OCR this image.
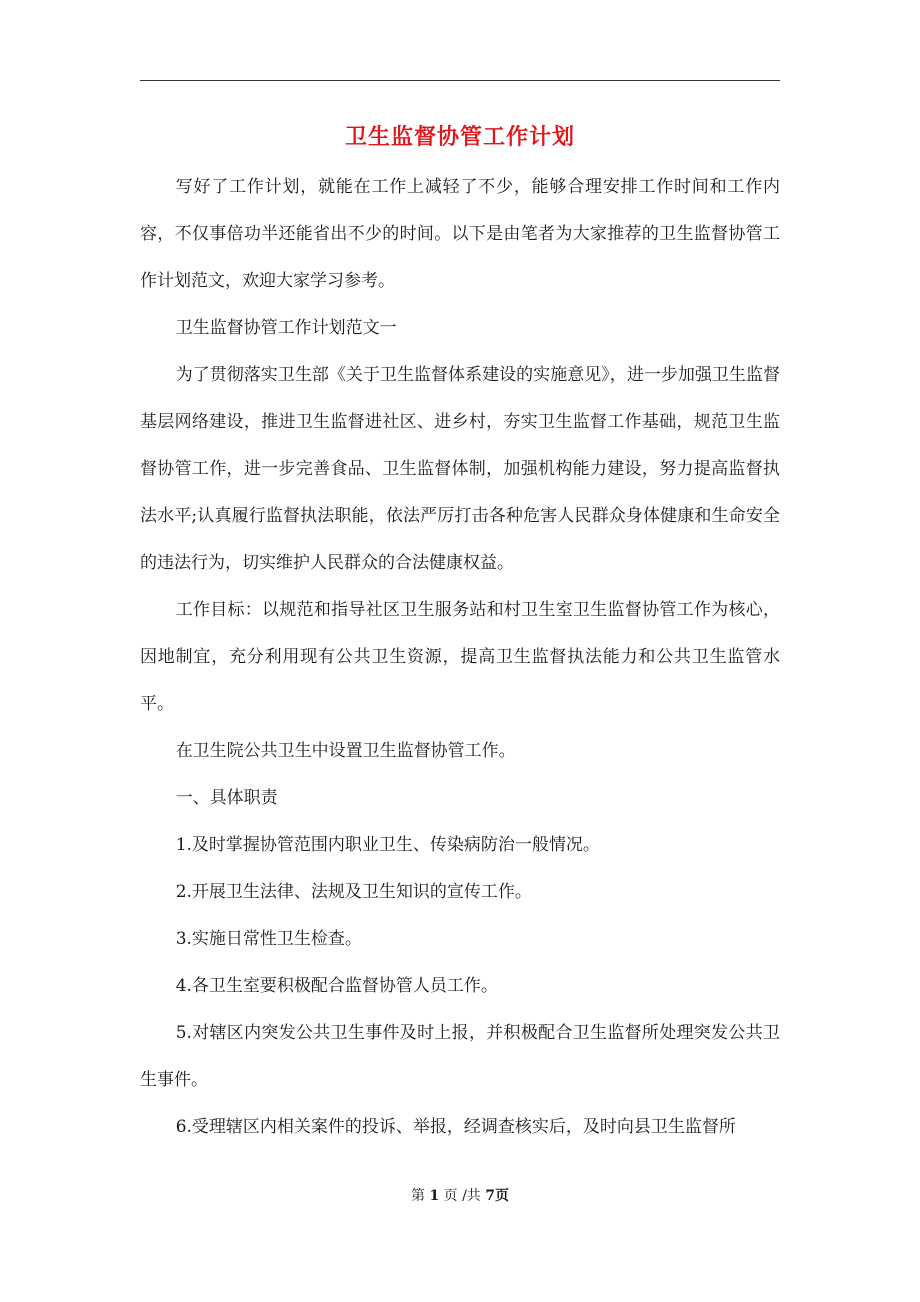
卫生监督协管工作计划

写好了工作计划，就能在工作上减轻了不少，能够合理安排工作时间和工作内容，不仅事倍功半还能省出不少的时间。以下是由笔者为大家推荐的卫生监督协管工作计划范文，欢迎大家学习参考。

卫生监督协管工作计划范文一

为了贯彻落实卫生部《关于卫生监督体系建设的实施意见》，进一步加强卫生监督基层网络建设，推进卫生监督进社区、进乡村，夯实卫生监督工作基础，规范卫生监督协管工作，进一步完善食品、卫生监督体制，加强机构能力建设，努力提高监督执法水平;认真履行监督执法职能，依法严厉打击各种危害人民群众身体健康和生命安全的违法行为，切实维护人民群众的合法健康权益。

工作目标：以规范和指导社区卫生服务站和村卫生室卫生监督协管工作为核心，因地制宜，充分利用现有公共卫生资源，提高卫生监督执法能力和公共卫生监管水平。

在卫生院公共卫生中设置卫生监督协管工作。

一、具体职责

1.及时掌握协管范围内职业卫生、传染病防治一般情况。

2.开展卫生法律、法规及卫生知识的宣传工作。

3.实施日常性卫生检查。

4.各卫生室要积极配合监督协管人员工作。

5.对辖区内突发公共卫生事件及时上报，并积极配合卫生监督所处理突发公共卫生事件。

6.受理辖区内相关案件的投诉、举报，经调查核实后，及时向县卫生监督所

第 1 页 /共 7页
